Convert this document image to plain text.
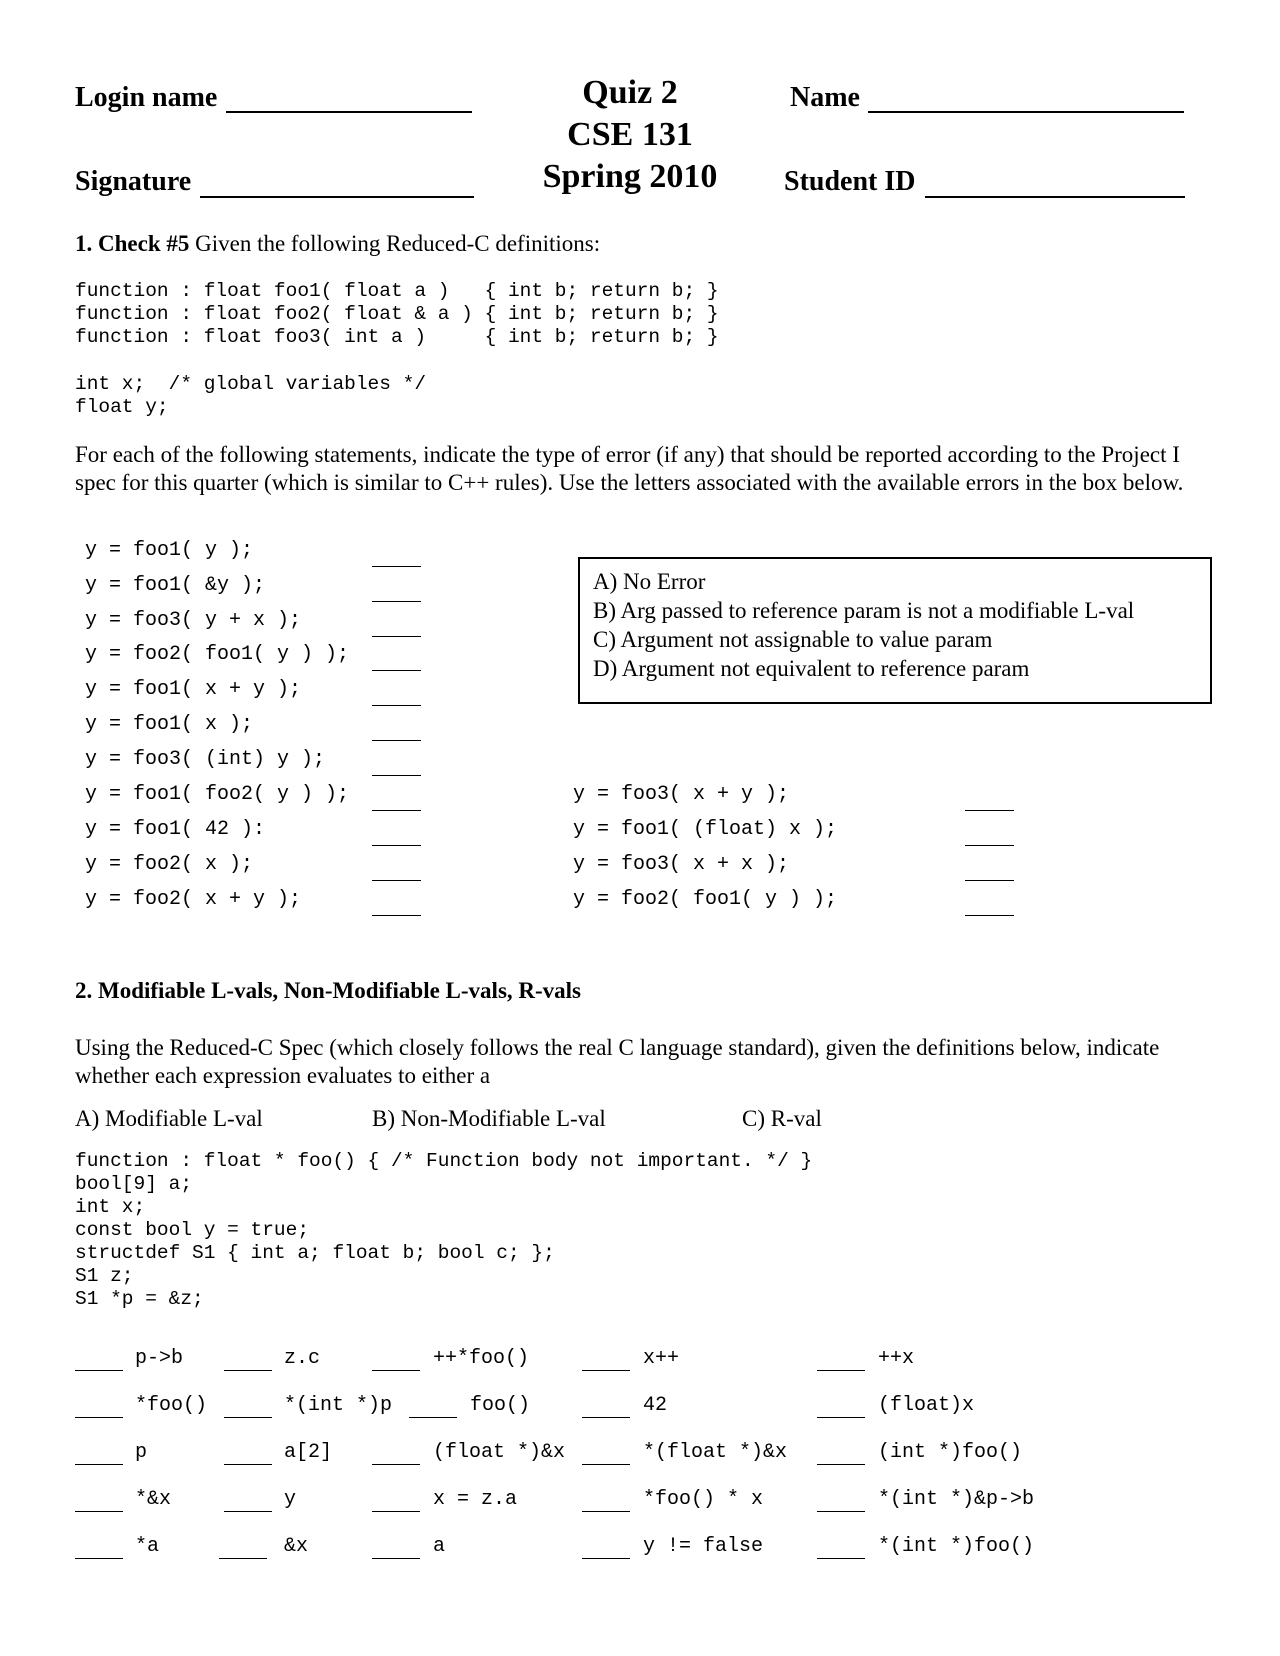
Login name
Signature
Quiz 2
CSE 131
Spring 2010
Name
Student ID
1. Check #5 Given the following Reduced-C definitions:
function : float foo1( float a )   { int b; return b; }
function : float foo2( float & a ) { int b; return b; }
function : float foo3( int a )     { int b; return b; }
int x;  /* global variables */
float y;
For each of the following statements, indicate the type of error (if any) that should be reported according to the Project I spec for this quarter (which is similar to C++ rules). Use the letters associated with the available errors in the box below.
y = foo1( y );
y = foo1( &y );
y = foo3( y + x );
y = foo2( foo1( y ) );
y = foo1( x + y );
y = foo1( x );
y = foo3( (int) y );
y = foo1( foo2( y ) );
y = foo1( 42 ):
y = foo2( x );
y = foo2( x + y );
A) No Error
B) Arg passed to reference param is not a modifiable L-val
C) Argument not assignable to value param
D) Argument not equivalent to reference param
y = foo3( x + y );
y = foo1( (float) x );
y = foo3( x + x );
y = foo2( foo1( y ) );
2. Modifiable L-vals, Non-Modifiable L-vals, R-vals
Using the Reduced-C Spec (which closely follows the real C language standard), given the definitions below, indicate whether each expression evaluates to either a
A) Modifiable L-val	B) Non-Modifiable L-val	C) R-val
function : float * foo() { /* Function body not important. */ }
bool[9] a;
int x;
const bool y = true;
structdef S1 { int a; float b; bool c; };
S1 z;
S1 *p = &z;
p->b	z.c	++*foo()	x++	++x
*foo()	*(int *)p	foo()	42	(float)x
p	a[2]	(float *)&x	*(float *)&x	(int *)foo()
*&x	y	x = z.a	*foo() * x	*(int *)&p->b
*a	&x	a	y != false	*(int *)foo()
